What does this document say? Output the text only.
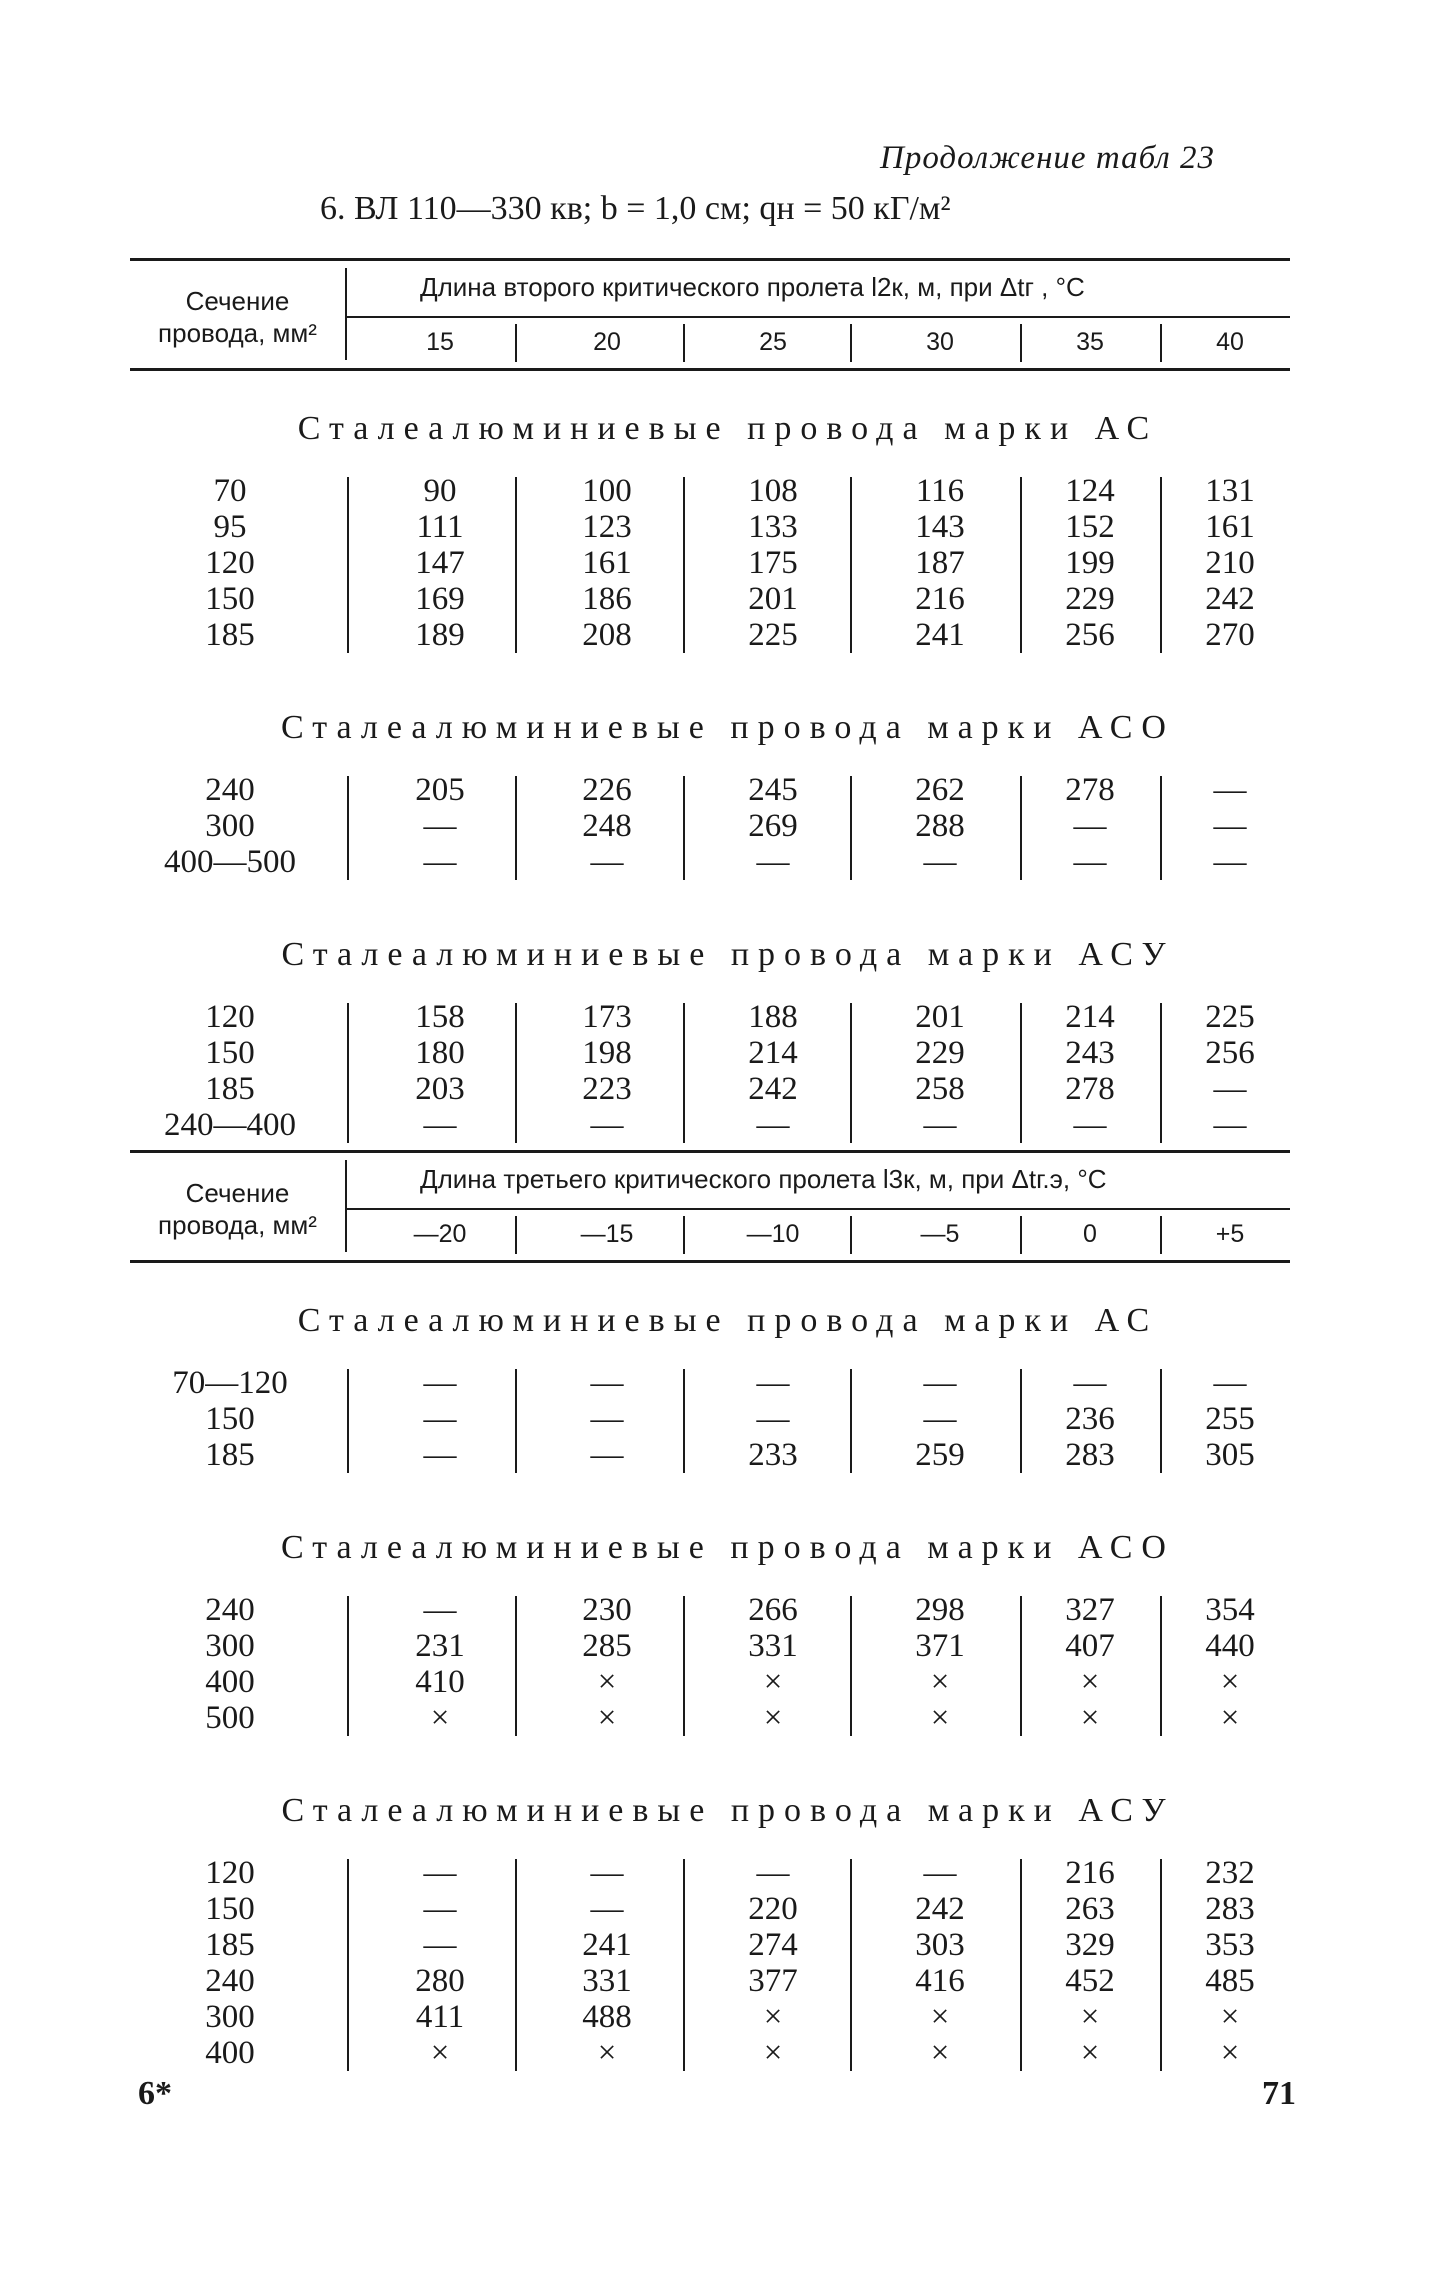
Продолжение табл 23
6. ВЛ 110—330 кв; b = 1,0 см; qн = 50 кГ/м²
Сечение
провода, мм²
Длина второго критического пролета l2к, м, при Δtг , °С
15	20	25	30	35	40
Сталеалюминиевые провода марки АС
70	90	100	108	116	124	131
95	111	123	133	143	152	161
120	147	161	175	187	199	210
150	169	186	201	216	229	242
185	189	208	225	241	256	270
Сталеалюминиевые провода марки АСО
240	205	226	245	262	278	—
300	—	248	269	288	—	—
400—500	—	—	—	—	—	—
Сталеалюминиевые провода марки АСУ
120	158	173	188	201	214	225
150	180	198	214	229	243	256
185	203	223	242	258	278	—
240—400	—	—	—	—	—	—
Сечение
провода, мм²
Длина третьего критического пролета l3к, м, при Δtг.э, °С
—20	—15	—10	—5	0	+5
Сталеалюминиевые провода марки АС
70—120	—	—	—	—	—	—
150	—	—	—	—	236	255
185	—	—	233	259	283	305
Сталеалюминиевые провода марки АСО
240	—	230	266	298	327	354
300	231	285	331	371	407	440
400	410	×	×	×	×	×
500	×	×	×	×	×	×
Сталеалюминиевые провода марки АСУ
120	—	—	—	—	216	232
150	—	—	220	242	263	283
185	—	241	274	303	329	353
240	280	331	377	416	452	485
300	411	488	×	×	×	×
400	×	×	×	×	×	×
6*	71
